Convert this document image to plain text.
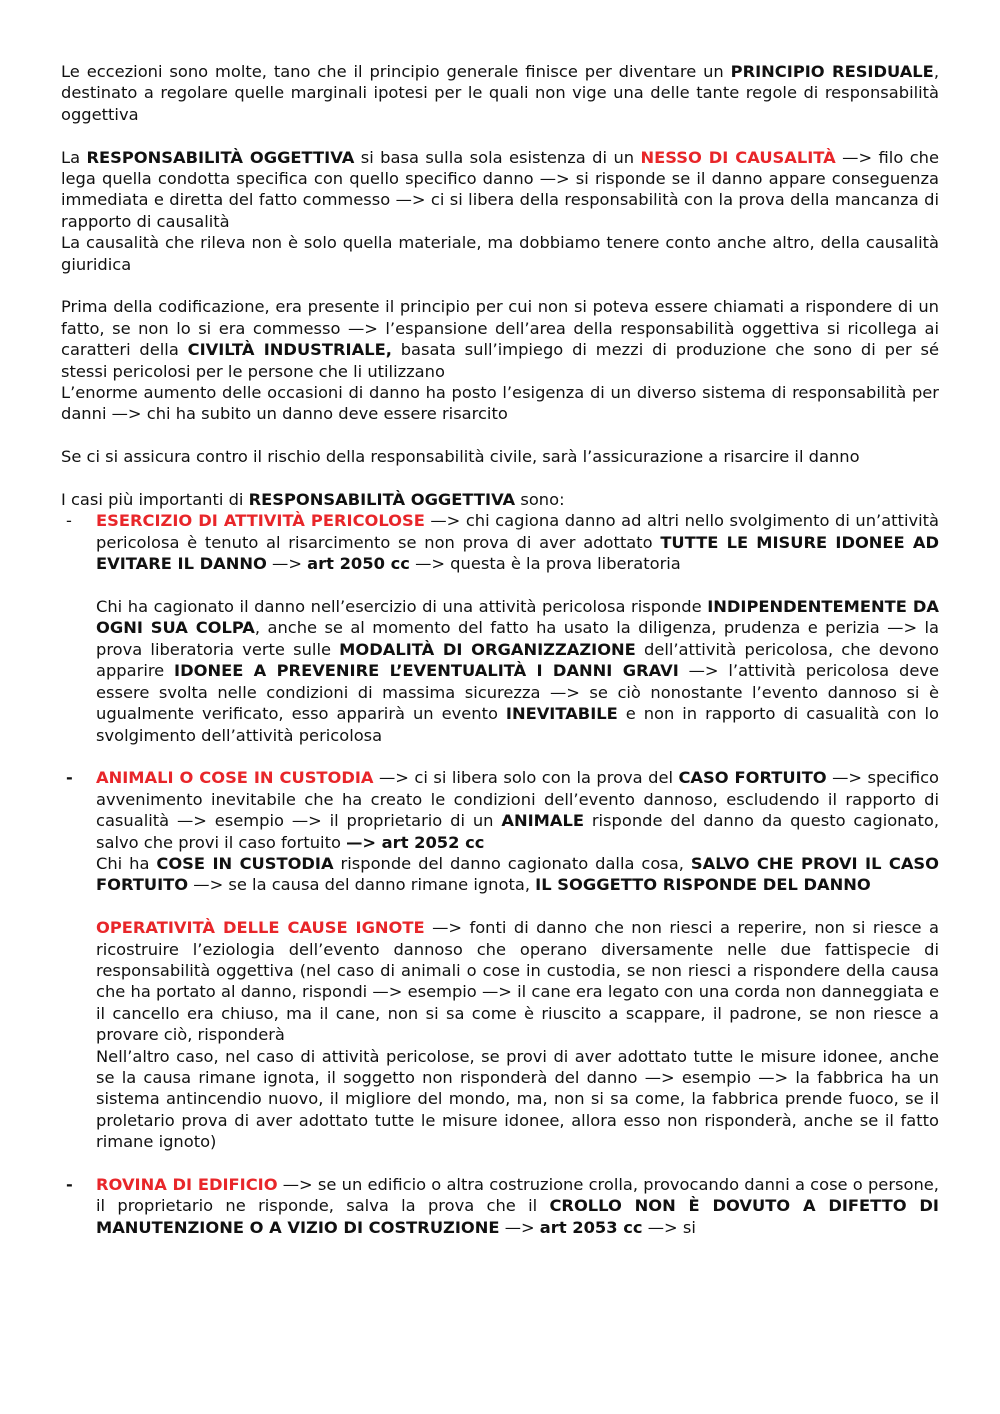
Le eccezioni sono molte, tano che il principio generale finisce per diventare un PRINCIPIO RESIDUALE, destinato a regolare quelle marginali ipotesi per le quali non vige una delle tante regole di responsabilità oggettiva

La RESPONSABILITÀ OGGETTIVA si basa sulla sola esistenza di un NESSO DI CAUSALITÀ —> filo che lega quella condotta specifica con quello specifico danno —> si risponde se il danno appare conseguenza immediata e diretta del fatto commesso —> ci si libera della responsabilità con la prova della mancanza di rapporto di causalità

La causalità che rileva non è solo quella materiale, ma dobbiamo tenere conto anche altro, della causalità giuridica

Prima della codificazione, era presente il principio per cui non si poteva essere chiamati a rispondere di un fatto, se non lo si era commesso —> l’espansione dell’area della responsabilità oggettiva si ricollega ai caratteri della CIVILTÀ INDUSTRIALE, basata sull’impiego di mezzi di produzione che sono di per sé stessi pericolosi per le persone che li utilizzano

L’enorme aumento delle occasioni di danno ha posto l’esigenza di un diverso sistema di responsabilità per danni —> chi ha subito un danno deve essere risarcito

Se ci si assicura contro il rischio della responsabilità civile, sarà l’assicurazione a risarcire il danno

I casi più importanti di RESPONSABILITÀ OGGETTIVA sono:

- ESERCIZIO DI ATTIVITÀ PERICOLOSE —> chi cagiona danno ad altri nello svolgimento di un’attività pericolosa è tenuto al risarcimento se non prova di aver adottato TUTTE LE MISURE IDONEE AD EVITARE IL DANNO —> art 2050 cc —> questa è la prova liberatoria

Chi ha cagionato il danno nell’esercizio di una attività pericolosa risponde INDIPENDENTEMENTE DA OGNI SUA COLPA, anche se al momento del fatto ha usato la diligenza, prudenza e perizia —> la prova liberatoria verte sulle MODALITÀ DI ORGANIZZAZIONE dell’attività pericolosa, che devono apparire IDONEE A PREVENIRE L’EVENTUALITÀ I DANNI GRAVI —> l’attività pericolosa deve essere svolta nelle condizioni di massima sicurezza —> se ciò nonostante l’evento dannoso si è ugualmente verificato, esso apparirà un evento INEVITABILE e non in rapporto di casualità con lo svolgimento dell’attività pericolosa

- ANIMALI O COSE IN CUSTODIA —> ci si libera solo con la prova del CASO FORTUITO —> specifico avvenimento inevitabile che ha creato le condizioni dell’evento dannoso, escludendo il rapporto di casualità —> esempio —> il proprietario di un ANIMALE risponde del danno da questo cagionato, salvo che provi il caso fortuito —> art 2052 cc

Chi ha COSE IN CUSTODIA risponde del danno cagionato dalla cosa, SALVO CHE PROVI IL CASO FORTUITO —> se la causa del danno rimane ignota, IL SOGGETTO RISPONDE DEL DANNO

OPERATIVITÀ DELLE CAUSE IGNOTE —> fonti di danno che non riesci a reperire, non si riesce a ricostruire l’eziologia dell’evento dannoso che operano diversamente nelle due fattispecie di responsabilità oggettiva (nel caso di animali o cose in custodia, se non riesci a rispondere della causa che ha portato al danno, rispondi —> esempio —> il cane era legato con una corda non danneggiata e il cancello era chiuso, ma il cane, non si sa come è riuscito a scappare, il padrone, se non riesce a provare ciò, risponderà

Nell’altro caso, nel caso di attività pericolose, se provi di aver adottato tutte le misure idonee, anche se la causa rimane ignota, il soggetto non risponderà del danno —> esempio —> la fabbrica ha un sistema antincendio nuovo, il migliore del mondo, ma, non si sa come, la fabbrica prende fuoco, se il proletario prova di aver adottato tutte le misure idonee, allora esso non risponderà, anche se il fatto rimane ignoto)

- ROVINA DI EDIFICIO —> se un edificio o altra costruzione crolla, provocando danni a cose o persone, il proprietario ne risponde, salva la prova che il CROLLO NON È DOVUTO A DIFETTO DI MANUTENZIONE O A VIZIO DI COSTRUZIONE —> art 2053 cc —> si
